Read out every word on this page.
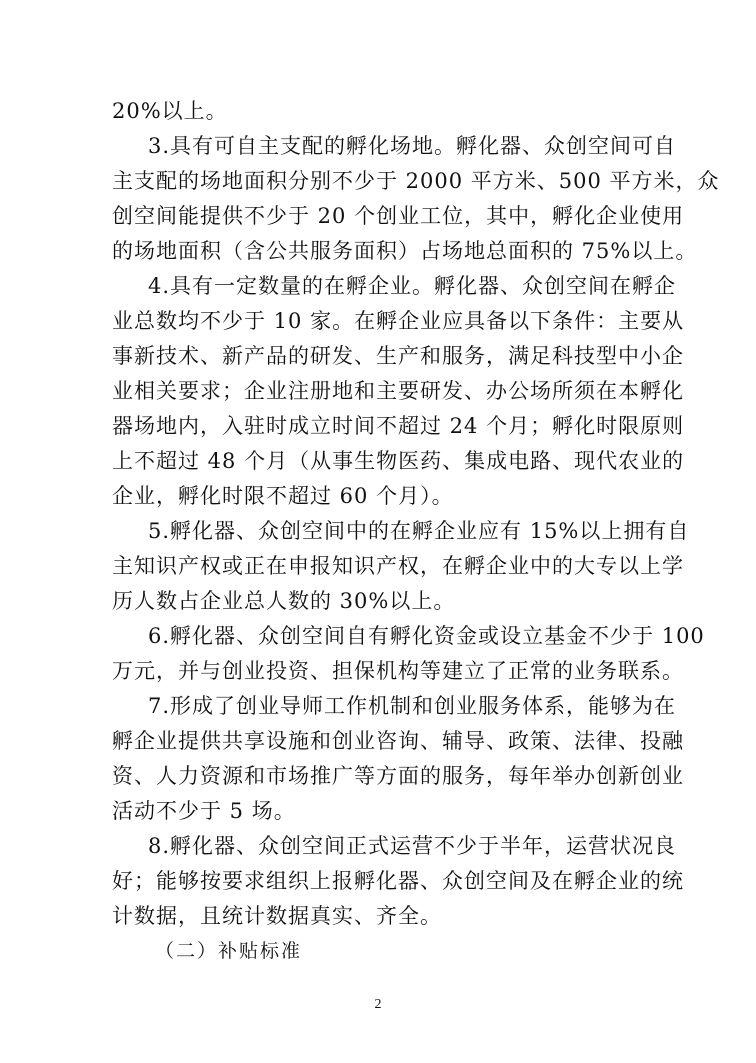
20%以上。
3.具有可自主支配的孵化场地。孵化器、众创空间可自
主支配的场地面积分别不少于 2000 平方米、500 平方米，众
创空间能提供不少于 20 个创业工位，其中，孵化企业使用
的场地面积（含公共服务面积）占场地总面积的 75%以上。
4.具有一定数量的在孵企业。孵化器、众创空间在孵企
业总数均不少于 10 家。在孵企业应具备以下条件：主要从
事新技术、新产品的研发、生产和服务，满足科技型中小企
业相关要求；企业注册地和主要研发、办公场所须在本孵化
器场地内，入驻时成立时间不超过 24 个月；孵化时限原则
上不超过 48 个月（从事生物医药、集成电路、现代农业的
企业，孵化时限不超过 60 个月）。
5.孵化器、众创空间中的在孵企业应有 15%以上拥有自
主知识产权或正在申报知识产权，在孵企业中的大专以上学
历人数占企业总人数的 30%以上。
6.孵化器、众创空间自有孵化资金或设立基金不少于 100
万元，并与创业投资、担保机构等建立了正常的业务联系。
7.形成了创业导师工作机制和创业服务体系，能够为在
孵企业提供共享设施和创业咨询、辅导、政策、法律、投融
资、人力资源和市场推广等方面的服务，每年举办创新创业
活动不少于 5 场。
8.孵化器、众创空间正式运营不少于半年，运营状况良
好；能够按要求组织上报孵化器、众创空间及在孵企业的统
计数据，且统计数据真实、齐全。
（二）补贴标准
2
